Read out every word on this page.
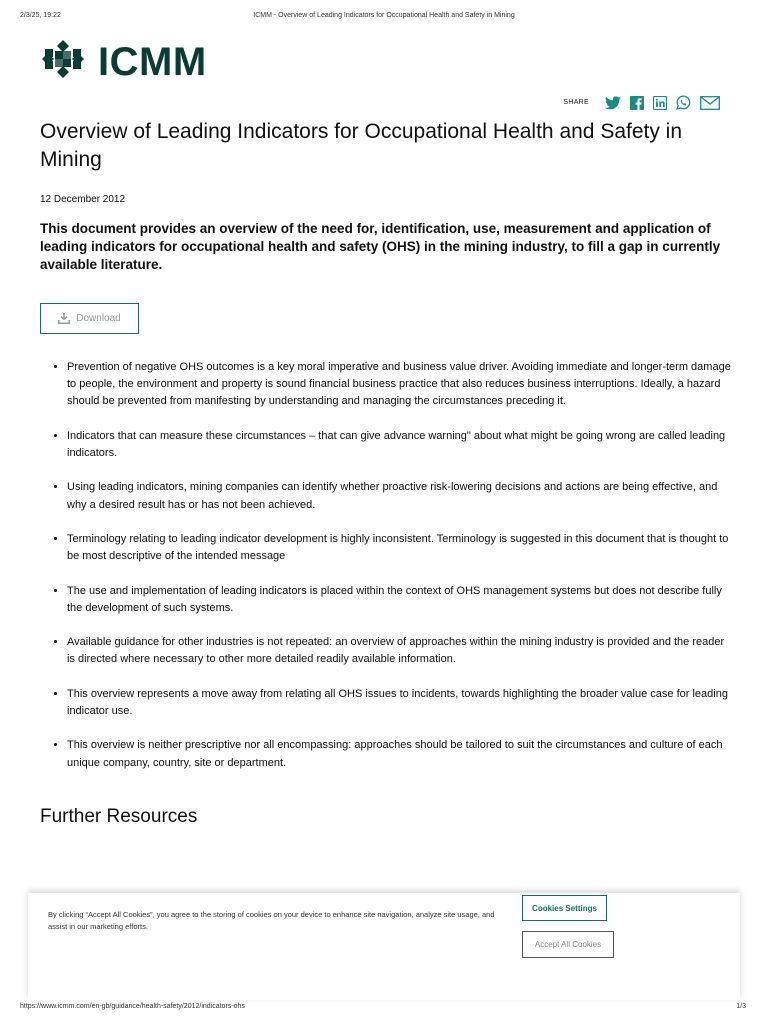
2/3/25, 19:22	ICMM - Overview of Leading Indicators for Occupational Health and Safety in Mining
ICMM
SHARE
Overview of Leading Indicators for Occupational Health and Safety in Mining
12 December 2012

This document provides an overview of the need for, identification, use, measurement and application of leading indicators for occupational health and safety (OHS) in the mining industry, to fill a gap in currently available literature.

Download
• Prevention of negative OHS outcomes is a key moral imperative and business value driver. Avoiding immediate and longer-term damage to people, the environment and property is sound financial business practice that also reduces business interruptions. Ideally, a hazard should be prevented from manifesting by understanding and managing the circumstances preceding it.
• Indicators that can measure these circumstances – that can give advance warning" about what might be going wrong are called leading indicators.
• Using leading indicators, mining companies can identify whether proactive risk-lowering decisions and actions are being effective, and why a desired result has or has not been achieved.
• Terminology relating to leading indicator development is highly inconsistent. Terminology is suggested in this document that is thought to be most descriptive of the intended message
• The use and implementation of leading indicators is placed within the context of OHS management systems but does not describe fully the development of such systems.
• Available guidance for other industries is not repeated: an overview of approaches within the mining industry is provided and the reader is directed where necessary to other more detailed readily available information.
• This overview represents a move away from relating all OHS issues to incidents, towards highlighting the broader value case for leading indicator use.
• This overview is neither prescriptive nor all encompassing: approaches should be tailored to suit the circumstances and culture of each unique company, country, site or department.
Further Resources
By clicking “Accept All Cookies”, you agree to the storing of cookies on your device to enhance site navigation, analyze site usage, and assist in our marketing efforts.
Cookies Settings
Accept All Cookies
https://www.icmm.com/en-gb/guidance/health-safety/2012/indicators-ohs	1/3
